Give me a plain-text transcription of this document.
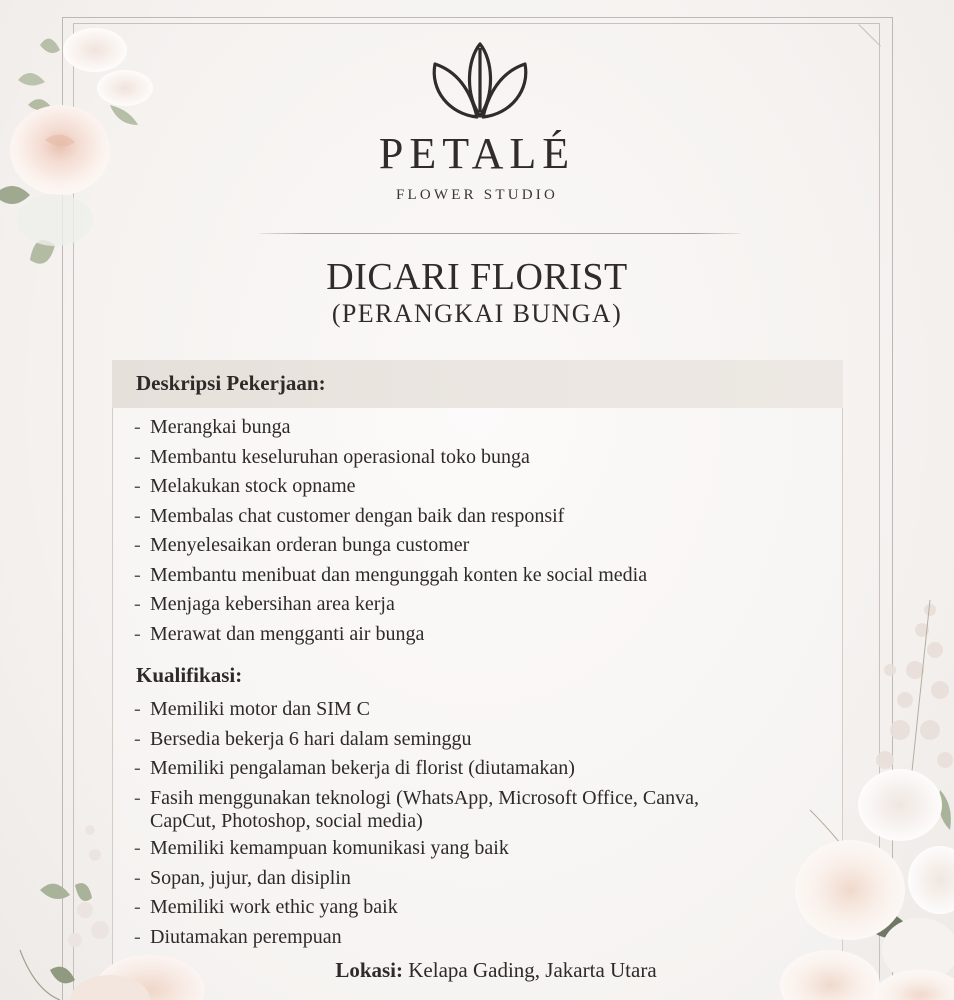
PETALÉ
FLOWER STUDIO
DICARI FLORIST
(PERANGKAI BUNGA)
Deskripsi Pekerjaan:
- Merangkai bunga
- Membantu keseluruhan operasional toko bunga
- Melakukan stock opname
- Membalas chat customer dengan baik dan responsif
- Menyelesaikan orderan bunga customer
- Membantu menibuat dan mengunggah konten ke social media
- Menjaga kebersihan area kerja
- Merawat dan mengganti air bunga
Kualifikasi:
- Memiliki motor dan SIM C
- Bersedia bekerja 6 hari dalam seminggu
- Memiliki pengalaman bekerja di florist (diutamakan)
- Fasih menggunakan teknologi (WhatsApp, Microsoft Office, Canva,
CapCut, Photoshop, social media)
- Memiliki kemampuan komunikasi yang baik
- Sopan, jujur, dan disiplin
- Memiliki work ethic yang baik
- Diutamakan perempuan
Lokasi: Kelapa Gading, Jakarta Utara
